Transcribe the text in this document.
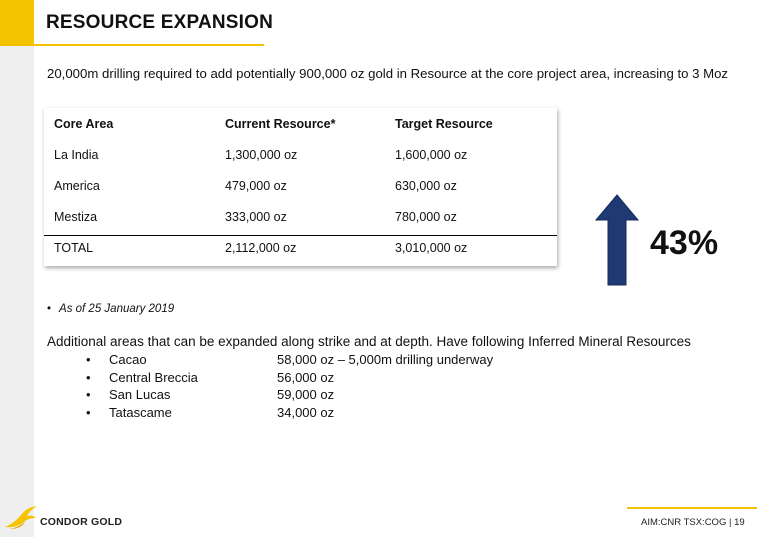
RESOURCE EXPANSION
20,000m drilling required to add potentially 900,000 oz gold in Resource at the core project area, increasing to 3 Moz
Core Area	Current Resource*	Target Resource
La India	1,300,000 oz	1,600,000 oz
America	479,000 oz	630,000 oz
Mestiza	333,000 oz	780,000 oz
TOTAL	2,112,000 oz	3,010,000 oz	43%
• As of 25 January 2019
Additional areas that can be expanded along strike and at depth. Have following Inferred Mineral Resources
• Cacao	58,000 oz – 5,000m drilling underway
• Central Breccia	56,000 oz
• San Lucas	59,000 oz
• Tatascame	34,000 oz
CONDOR GOLD	AIM:CNR TSX:COG | 19
